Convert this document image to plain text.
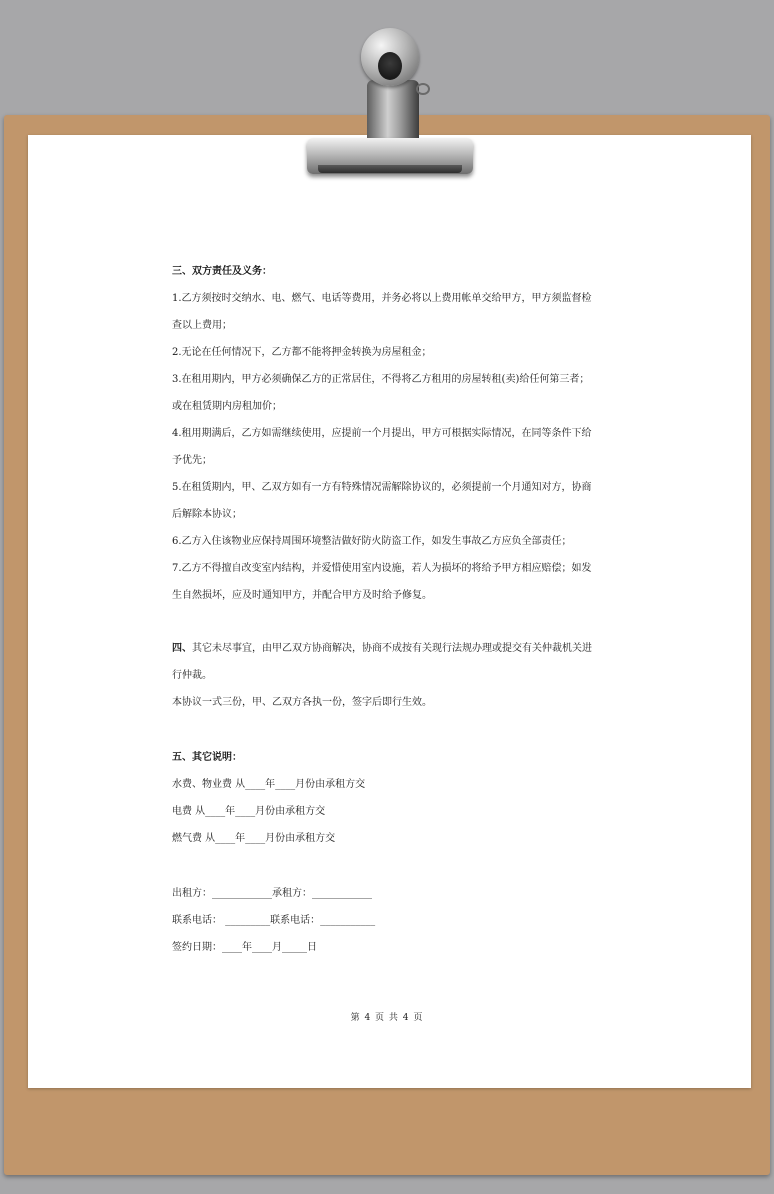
三、双方责任及义务：

1.乙方须按时交纳水、电、燃气、电话等费用，并务必将以上费用帐单交给甲方，甲方须监督检

查以上费用；

2.无论在任何情况下，乙方都不能将押金转换为房屋租金；

3.在租用期内，甲方必须确保乙方的正常居住，不得将乙方租用的房屋转租(卖)给任何第三者；

或在租赁期内房租加价；

4.租用期满后，乙方如需继续使用，应提前一个月提出，甲方可根据实际情况，在同等条件下给

予优先；

5.在租赁期内，甲、乙双方如有一方有特殊情况需解除协议的，必须提前一个月通知对方，协商

后解除本协议；

6.乙方入住该物业应保持周围环境整洁做好防火防盗工作，如发生事故乙方应负全部责任；

7.乙方不得擅自改变室内结构，并爱惜使用室内设施，若人为损坏的将给予甲方相应赔偿；如发

生自然损坏，应及时通知甲方，并配合甲方及时给予修复。

四、其它未尽事宜，由甲乙双方协商解决，协商不成按有关现行法规办理或提交有关仲裁机关进

行仲裁。

本协议一式三份，甲、乙双方各执一份，签字后即行生效。

五、其它说明：

水费、物业费 从____年____月份由承租方交

电费 从____年____月份由承租方交

燃气费 从____年____月份由承租方交

出租方：____________承租方：____________

联系电话： _________联系电话：___________

签约日期：____年____月_____日

第 4 页 共 4 页
